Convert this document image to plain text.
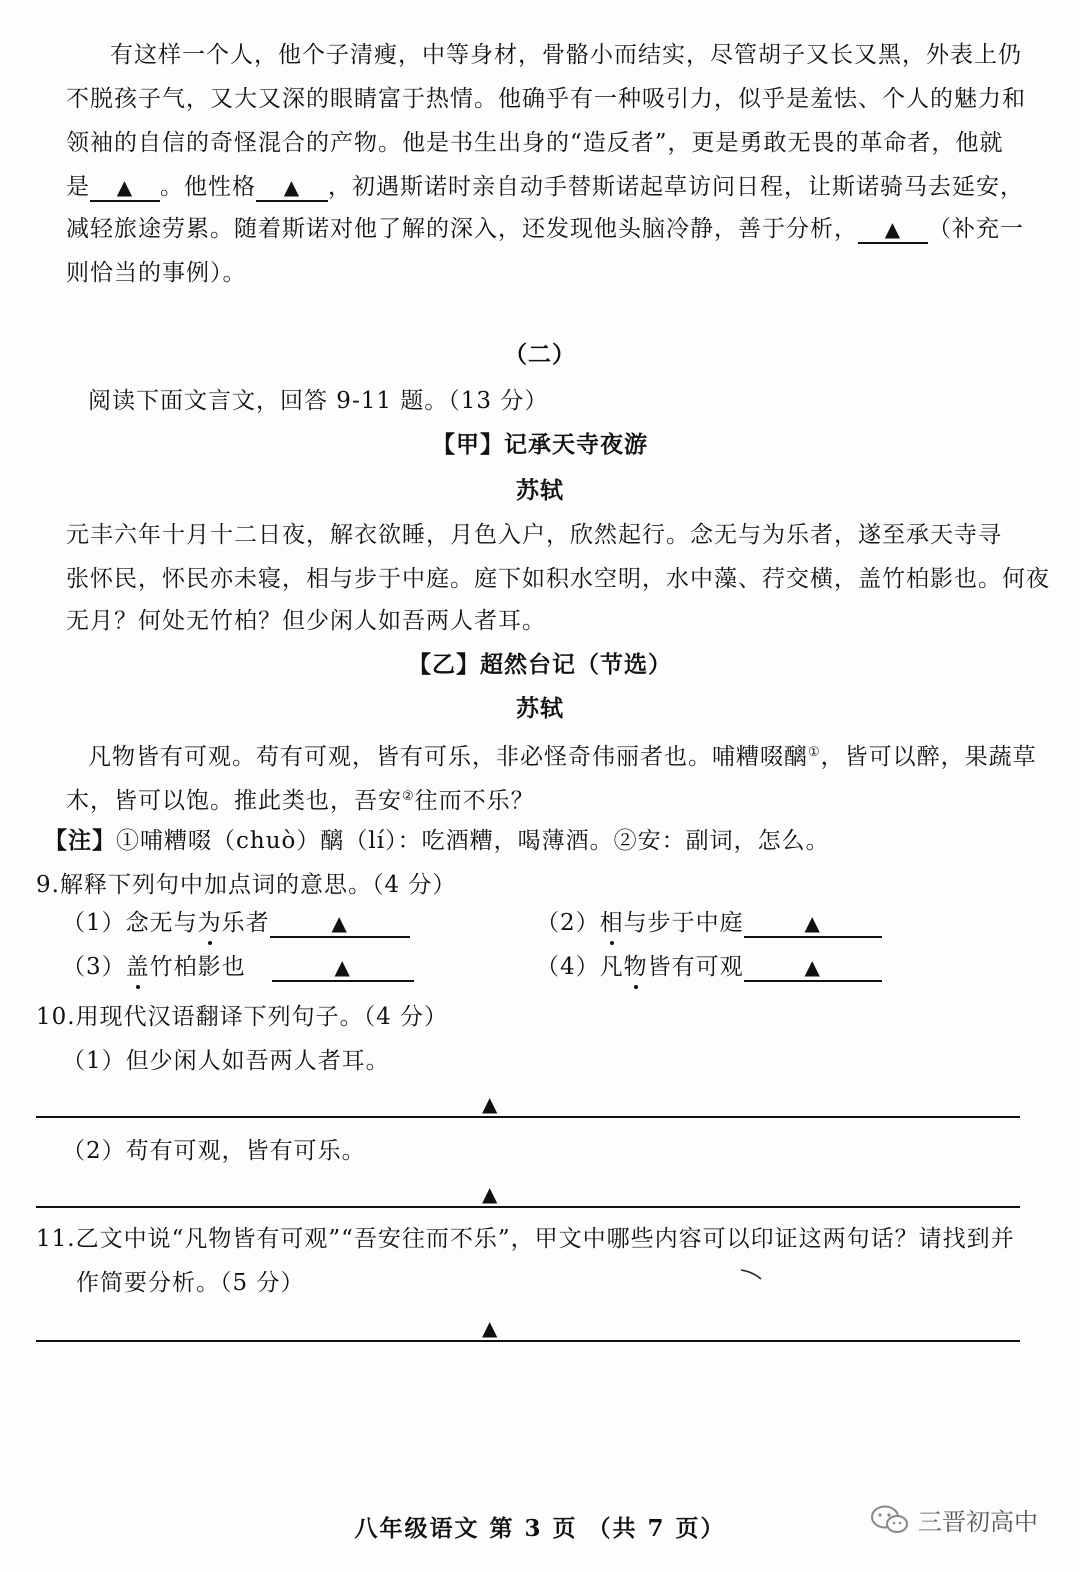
有这样一个人，他个子清瘦，中等身材，骨骼小而结实，尽管胡子又长又黑，外表上仍
不脱孩子气，又大又深的眼睛富于热情。他确乎有一种吸引力，似乎是羞怯、个人的魅力和
领袖的自信的奇怪混合的产物。他是书生出身的“造反者”，更是勇敢无畏的革命者，他就
是 ▲ 。他性格 ▲ ，初遇斯诺时亲自动手替斯诺起草访问日程，让斯诺骑马去延安，
减轻旅途劳累。随着斯诺对他了解的深入，还发现他头脑冷静，善于分析， ▲ （补充一
则恰当的事例）。
（二）
阅读下面文言文，回答 9-11 题。（13 分）
【甲】记承天寺夜游
苏轼
元丰六年十月十二日夜，解衣欲睡，月色入户，欣然起行。念无与为乐者，遂至承天寺寻
张怀民，怀民亦未寝，相与步于中庭。庭下如积水空明，水中藻、荇交横，盖竹柏影也。何夜
无月？何处无竹柏？但少闲人如吾两人者耳。
【乙】超然台记（节选）
苏轼
凡物皆有可观。苟有可观，皆有可乐，非必怪奇伟丽者也。哺糟啜醨①，皆可以醉，果蔬草
木，皆可以饱。推此类也，吾安②往而不乐？
【注】①哺糟啜（chuò）醨（lí）：吃酒糟，喝薄酒。②安：副词，怎么。
9.解释下列句中加点词的意思。（4 分）
（1）念无与为乐者	▲	（2）相与步于中庭	▲
（3）盖竹柏影也	▲	（4）凡物皆有可观	▲
10.用现代汉语翻译下列句子。（4 分）
（1）但少闲人如吾两人者耳。
▲
（2）苟有可观，皆有可乐。
▲
11.乙文中说“凡物皆有可观”“吾安往而不乐”，甲文中哪些内容可以印证这两句话？请找到并
作简要分析。（5 分）
▲
八年级语文 第 3 页 （共 7 页）	三晋初高中
